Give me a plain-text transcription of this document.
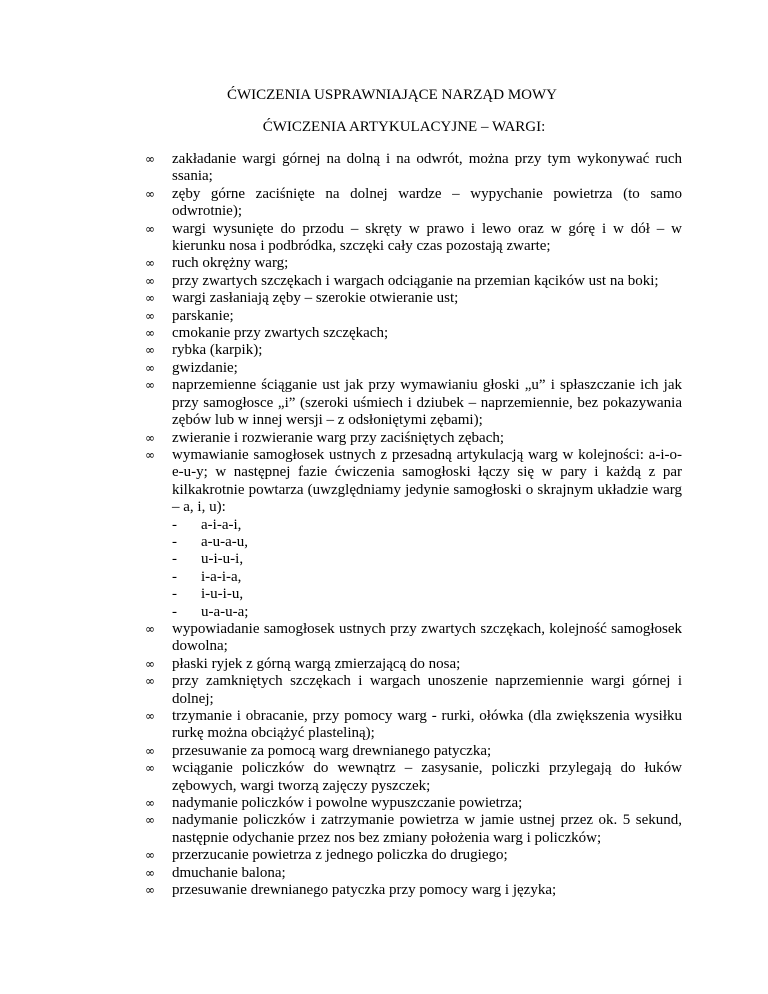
ĆWICZENIA USPRAWNIAJĄCE NARZĄD MOWY
ĆWICZENIA ARTYKULACYJNE – WARGI:
∞ zakładanie wargi górnej na dolną i na odwrót, można przy tym wykonywać ruch ssania;
∞ zęby górne zaciśnięte na dolnej wardze – wypychanie powietrza (to samo odwrotnie);
∞ wargi wysunięte do przodu – skręty w prawo i lewo oraz w górę i w dół – w kierunku nosa i podbródka, szczęki cały czas pozostają zwarte;
∞ ruch okrężny warg;
∞ przy zwartych szczękach i wargach odciąganie na przemian kącików ust na boki;
∞ wargi zasłaniają zęby – szerokie otwieranie ust;
∞ parskanie;
∞ cmokanie przy zwartych szczękach;
∞ rybka (karpik);
∞ gwizdanie;
∞ naprzemienne ściąganie ust jak przy wymawianiu głoski „u” i spłaszczanie ich jak przy samogłosce „i” (szeroki uśmiech i dziubek – naprzemiennie, bez pokazywania zębów lub w innej wersji – z odsłoniętymi zębami);
∞ zwieranie i rozwieranie warg przy zaciśniętych zębach;
∞ wymawianie samogłosek ustnych z przesadną artykulacją warg w kolejności: a-i-o-e-u-y; w następnej fazie ćwiczenia samogłoski łączy się w pary i każdą z par kilkakrotnie powtarza (uwzględniamy jedynie samogłoski o skrajnym układzie warg – a, i, u):
- a-i-a-i,
- a-u-a-u,
- u-i-u-i,
- i-a-i-a,
- i-u-i-u,
- u-a-u-a;
∞ wypowiadanie samogłosek ustnych przy zwartych szczękach, kolejność samogłosek dowolna;
∞ płaski ryjek z górną wargą zmierzającą do nosa;
∞ przy zamkniętych szczękach i wargach unoszenie naprzemiennie wargi górnej i dolnej;
∞ trzymanie i obracanie, przy pomocy warg - rurki, ołówka (dla zwiększenia wysiłku rurkę można obciążyć plasteliną);
∞ przesuwanie za pomocą warg drewnianego patyczka;
∞ wciąganie policzków do wewnątrz – zasysanie, policzki przylegają do łuków zębowych, wargi tworzą zajęczy pyszczek;
∞ nadymanie policzków i powolne wypuszczanie powietrza;
∞ nadymanie policzków i zatrzymanie powietrza w jamie ustnej przez ok. 5 sekund, następnie odychanie przez nos bez zmiany położenia warg i policzków;
∞ przerzucanie powietrza z jednego policzka do drugiego;
∞ dmuchanie balona;
∞ przesuwanie drewnianego patyczka przy pomocy warg i języka;
